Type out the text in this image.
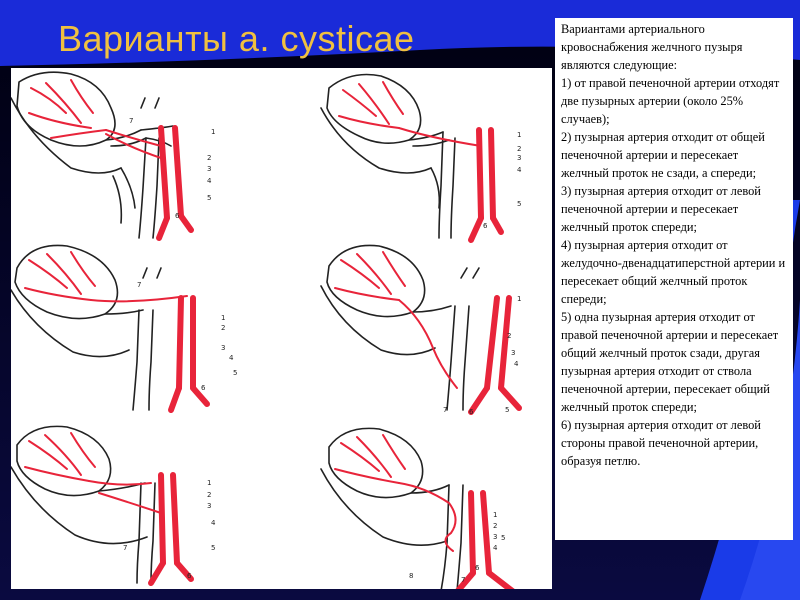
Варианты a. cysticae
7
1
2
3
4
5
6
1
2
3
4
5
6
7
1
2
3
4
5
6
1
2
3
4
5
6
7
1
2
3
4
5
6
7
1
2
3
4
5
6
7
8

Вариантами артериального кровоснабжения желчного пузыря являются следующие:

1) от правой печеночной артерии отходят две пузырных артерии (около 25% случаев);

2) пузырная артерия отходит от общей печеночной артерии и пересекает желчный проток не сзади, а спереди;

3) пузырная артерия отходит от левой печеночной артерии и пересекает желчный проток спереди;

4) пузырная артерия отходит от желудочно-двенадцатиперстной артерии и пересекает общий желчный проток спереди;

5) одна пузырная артерия отходит от правой печеночной артерии и пересекает общий желчный проток сзади, другая пузырная артерия отходит от ствола печеночной артерии, пересекает общий желчный проток спереди;

6) пузырная артерия отходит от левой стороны правой печеночной артерии, образуя петлю.
